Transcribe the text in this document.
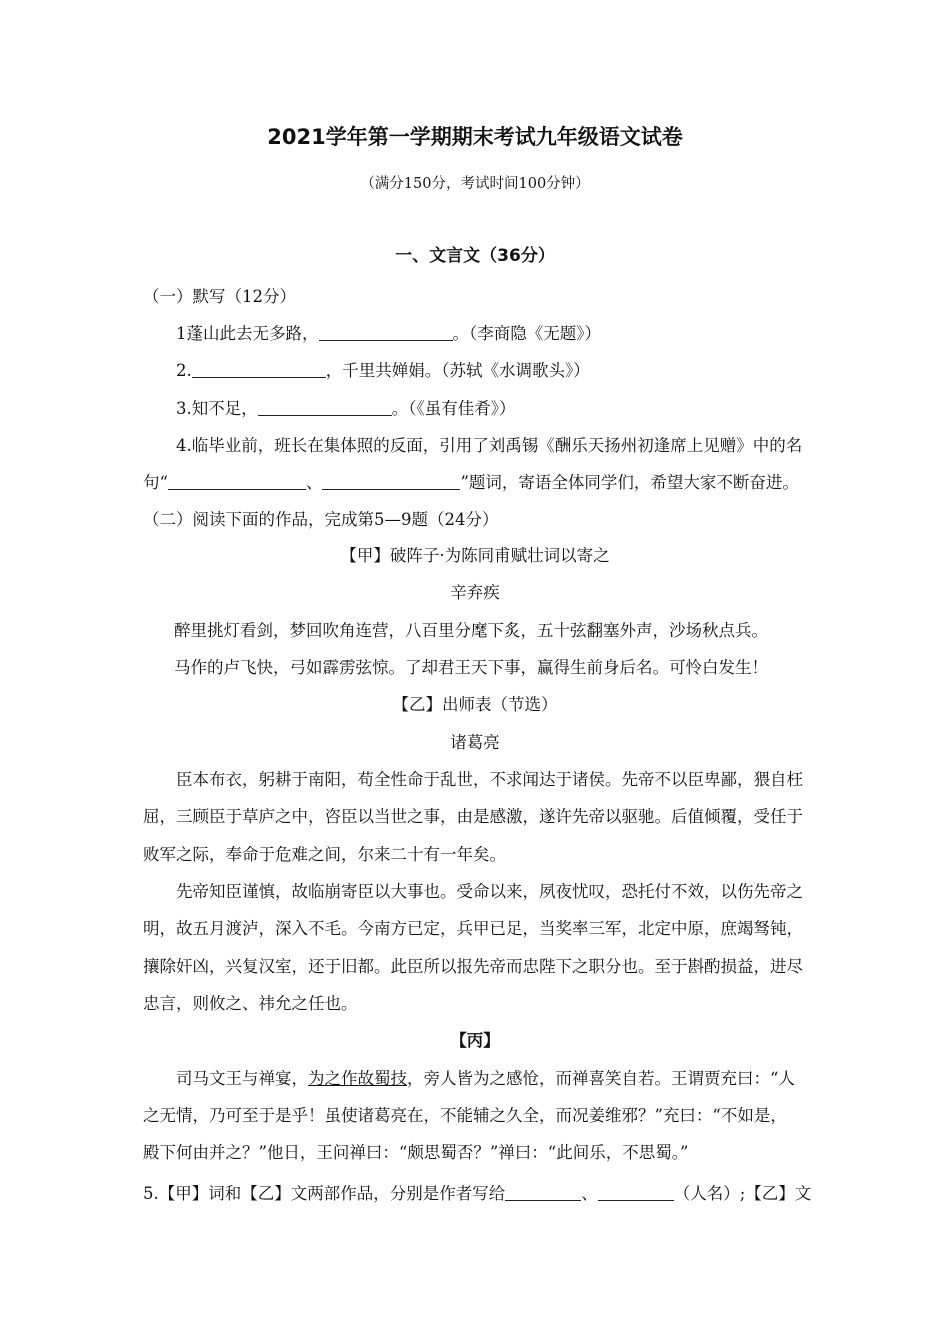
2021学年第一学期期末考试九年级语文试卷
（满分150分，考试时间100分钟）
一、文言文（36分）
（一）默写（12分）
1蓬山此去无多路，	。（李商隐《无题》）
2.	，千里共婵娟。（苏轼《水调歌头》）
3.知不足，	。（《虽有佳肴》）
4.临毕业前，班长在集体照的反面，引用了刘禹锡《酬乐天扬州初逢席上见赠》中的名
句“	、	”题词，寄语全体同学们，希望大家不断奋进。
（二）阅读下面的作品，完成第5—9题（24分）
【甲】破阵子·为陈同甫赋壮词以寄之
辛弃疾
醉里挑灯看剑，梦回吹角连营，八百里分麾下炙，五十弦翻塞外声，沙场秋点兵。
马作的卢飞快，弓如霹雳弦惊。了却君王天下事，赢得生前身后名。可怜白发生！
【乙】出师表（节选）
诸葛亮
臣本布衣，躬耕于南阳，苟全性命于乱世，不求闻达于诸侯。先帝不以臣卑鄙，猥自枉
屈，三顾臣于草庐之中，咨臣以当世之事，由是感激，遂许先帝以驱驰。后值倾覆，受任于
败军之际，奉命于危难之间，尔来二十有一年矣。
先帝知臣谨慎，故临崩寄臣以大事也。受命以来，夙夜忧叹，恐托付不效，以伤先帝之
明，故五月渡泸，深入不毛。今南方已定，兵甲已足，当奖率三军，北定中原，庶竭驽钝，
攘除奸凶，兴复汉室，还于旧都。此臣所以报先帝而忠陛下之职分也。至于斟酌损益，进尽
忠言，则攸之、祎允之任也。
【丙】
司马文王与禅宴，为之作故蜀技，旁人皆为之感怆，而禅喜笑自若。王谓贾充曰：“人
之无情，乃可至于是乎！虽使诸葛亮在，不能辅之久全，而况姜维邪？”充曰：“不如是，
殿下何由并之？”他日，王问禅曰：“颇思蜀否？”禅曰：“此间乐，不思蜀。”
5.【甲】词和【乙】文两部作品，分别是作者写给	、	（人名）;【乙】文
